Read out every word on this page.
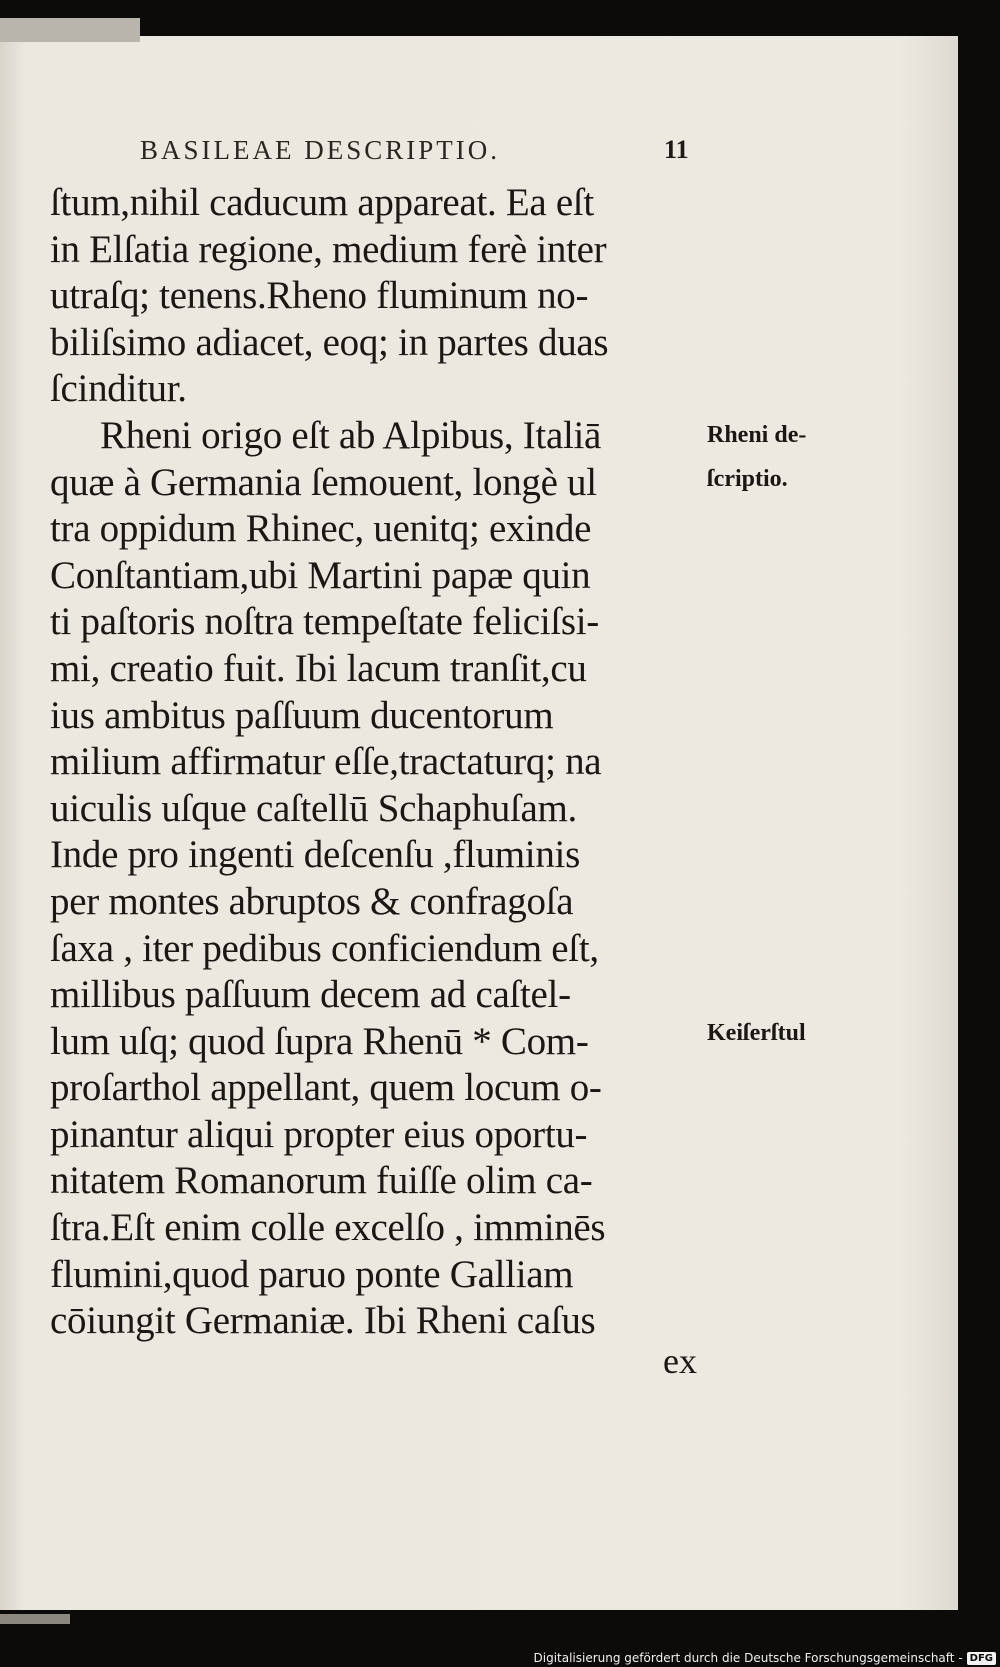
BASILEAE DESCRIPTIO.	11
ſtum,nihil caducum appareat. Ea eſt
in Elſatia regione, medium ferè inter
utraſq; tenens.Rheno fluminum no-
biliſsimo adiacet, eoq; in partes duas
ſcinditur.
Rheni origo eſt ab Alpibus, Italiā
quæ à Germania ſemouent, longè ul
tra oppidum Rhinec, uenitq; exinde
Conſtantiam,ubi Martini papæ quin
ti paſtoris noſtra tempeſtate feliciſsi-
mi, creatio fuit. Ibi lacum tranſit,cu
ius ambitus paſſuum ducentorum
milium affirmatur eſſe,tractaturq; na
uiculis uſque caſtellū Schaphuſam.
Inde pro ingenti deſcenſu ,fluminis
per montes abruptos & confragoſa
ſaxa , iter pedibus conficiendum eſt,
millibus paſſuum decem ad caſtel-
lum uſq; quod ſupra Rhenū * Com-
proſarthol appellant, quem locum o-
pinantur aliqui propter eius oportu-
nitatem Romanorum fuiſſe olim ca-
ſtra.Eſt enim colle excelſo , imminēs
flumini,quod paruo ponte Galliam
cōiungit Germaniæ. Ibi Rheni caſus
Rheni de-
ſcriptio.
Keiſerſtul
ex
Digitalisierung gefördert durch die Deutsche Forschungsgemeinschaft - DFG
